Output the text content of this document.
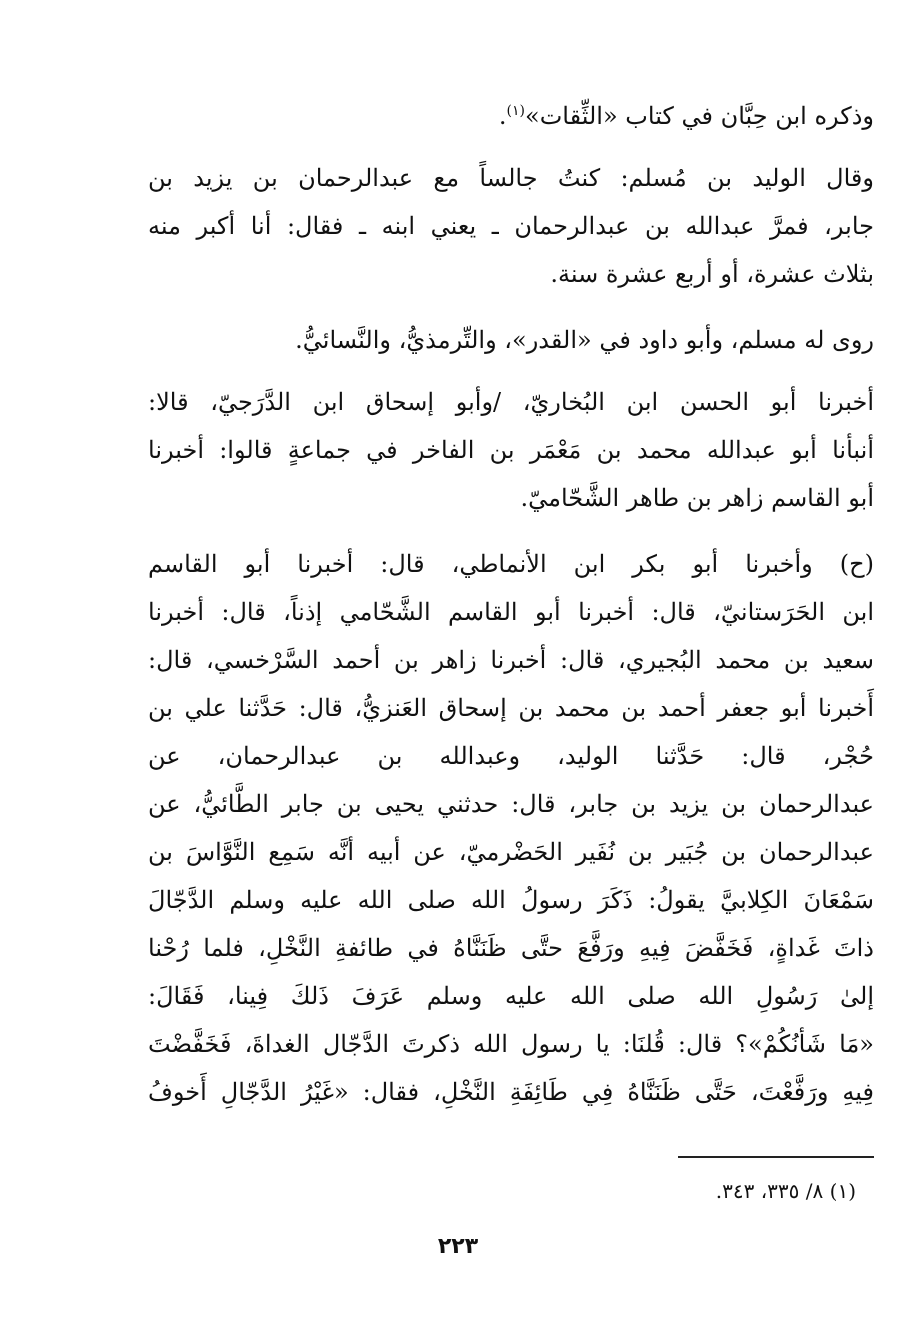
وذكره ابن حِبَّان في كتاب «الثِّقات»$^{(١)}$.

وقال الوليد بن مُسلم: كنتُ جالساً مع عبدالرحمان بن يزيد بن
جابر، فمرَّ عبدالله بن عبدالرحمان ـ يعني ابنه ـ فقال: أنا أكبر منه
بثلاث عشرة، أو أربع عشرة سنة.

روى له مسلم، وأبو داود في «القدر»، والتِّرمذيُّ، والنَّسائيُّ.

أخبرنا أبو الحسن ابن البُخاريّ، /وأبو إسحاق ابن الدَّرَجيّ، قالا:
أنبأنا أبو عبدالله محمد بن مَعْمَر بن الفاخر في جماعةٍ قالوا: أخبرنا
أبو القاسم زاهر بن طاهر الشَّحّاميّ.

(ح) وأخبرنا أبو بكر ابن الأنماطي، قال: أخبرنا أبو القاسم
ابن الحَرَستانيّ، قال: أخبرنا أبو القاسم الشَّحّامي إذناً، قال: أخبرنا
سعيد بن محمد البُجيري، قال: أخبرنا زاهر بن أحمد السَّرْخسي، قال:
أَخبرنا أبو جعفر أحمد بن محمد بن إسحاق العَنزيُّ، قال: حَدَّثنا علي بن
حُجْر، قال: حَدَّثنا الوليد، وعبدالله بن عبدالرحمان، عن
عبدالرحمان بن يزيد بن جابر، قال: حدثني يحيى بن جابر الطَّائيُّ، عن
عبدالرحمان بن جُبَير بن نُفَير الحَضْرميّ، عن أبيه أنَّه سَمِع النَّوَّاسَ بن
سَمْعَانَ الكِلابيَّ يقولُ: ذَكَرَ رسولُ الله صلى الله عليه وسلم الدَّجّالَ
ذاتَ غَداةٍ، فَخَفَّضَ فِيهِ ورَفَّعَ حتَّى ظَنَنَّاهُ في طائفةِ النَّخْلِ، فلما رُحْنا
إلىٰ رَسُولِ الله صلى الله عليه وسلم عَرَفَ ذَلكَ فِينا، فَقَالَ:
«مَا شَأنُكُمْ»؟ قال: قُلنَا: يا رسول الله ذكرتَ الدَّجّال الغداةَ، فَخَفَّضْتَ
فِيهِ ورَفَّعْتَ، حَتَّى ظَنَنَّاهُ فِي طَائِفَةِ النَّخْلِ، فقال: «غَيْرُ الدَّجّالِ أَخوفُ

(١) ٨/ ٣٣٥، ٣٤٣.
٢٢٣
